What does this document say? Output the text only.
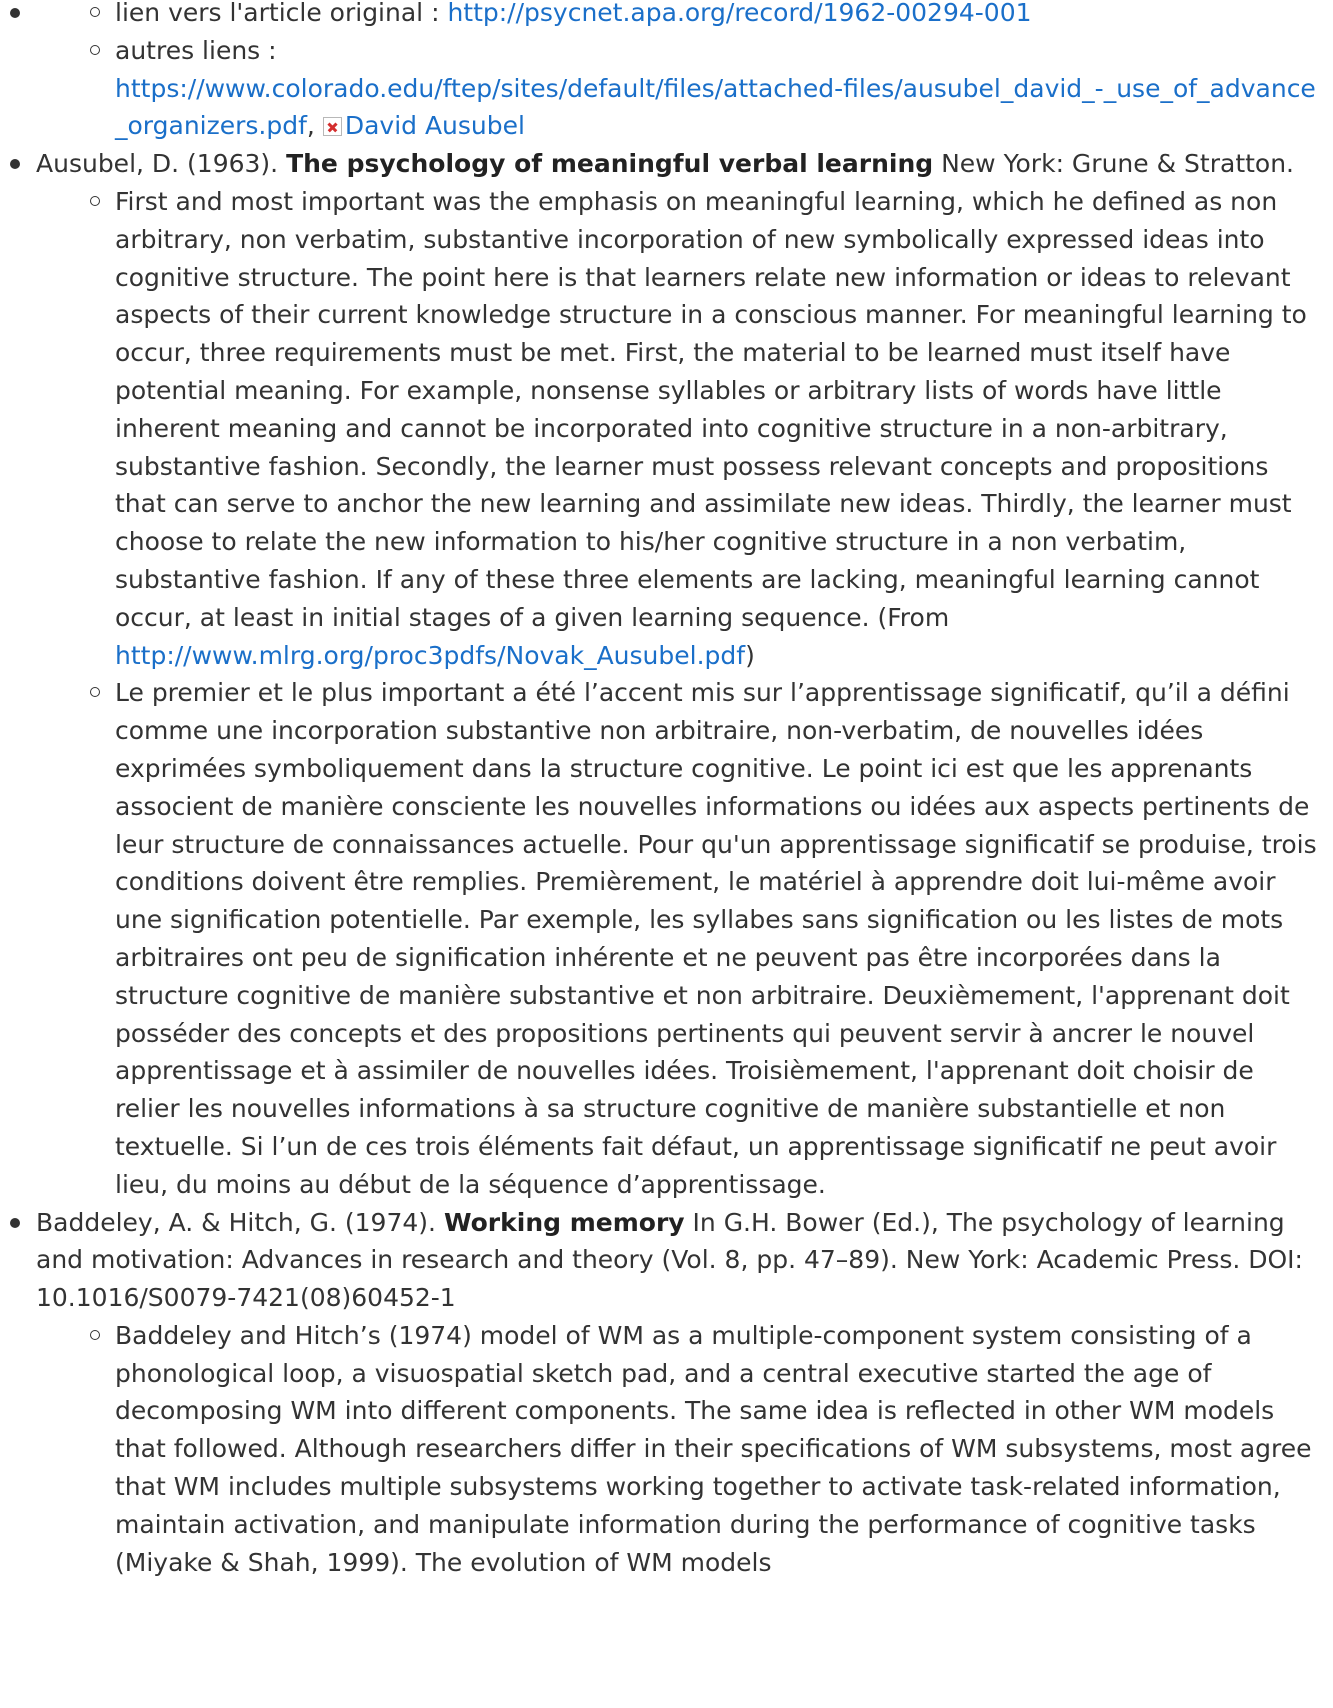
lien vers l'article original : http://psycnet.apa.org/record/1962-00294-001
autres liens :
https://www.colorado.edu/ftep/sites/default/files/attached-files/ausubel_david_-_use_of_advance_organizers.pdf, David Ausubel
Ausubel, D. (1963). The psychology of meaningful verbal learning New York: Grune & Stratton.
First and most important was the emphasis on meaningful learning, which he defined as non arbitrary, non verbatim, substantive incorporation of new symbolically expressed ideas into cognitive structure. The point here is that learners relate new information or ideas to relevant aspects of their current knowledge structure in a conscious manner. For meaningful learning to occur, three requirements must be met. First, the material to be learned must itself have potential meaning. For example, nonsense syllables or arbitrary lists of words have little inherent meaning and cannot be incorporated into cognitive structure in a non-arbitrary, substantive fashion. Secondly, the learner must possess relevant concepts and propositions that can serve to anchor the new learning and assimilate new ideas. Thirdly, the learner must choose to relate the new information to his/her cognitive structure in a non verbatim, substantive fashion. If any of these three elements are lacking, meaningful learning cannot occur, at least in initial stages of a given learning sequence. (From http://www.mlrg.org/proc3pdfs/Novak_Ausubel.pdf)
Le premier et le plus important a été l’accent mis sur l’apprentissage significatif, qu’il a défini comme une incorporation substantive non arbitraire, non-verbatim, de nouvelles idées exprimées symboliquement dans la structure cognitive. Le point ici est que les apprenants associent de manière consciente les nouvelles informations ou idées aux aspects pertinents de leur structure de connaissances actuelle. Pour qu'un apprentissage significatif se produise, trois conditions doivent être remplies. Premièrement, le matériel à apprendre doit lui-même avoir une signification potentielle. Par exemple, les syllabes sans signification ou les listes de mots arbitraires ont peu de signification inhérente et ne peuvent pas être incorporées dans la structure cognitive de manière substantive et non arbitraire. Deuxièmement, l'apprenant doit posséder des concepts et des propositions pertinents qui peuvent servir à ancrer le nouvel apprentissage et à assimiler de nouvelles idées. Troisièmement, l'apprenant doit choisir de relier les nouvelles informations à sa structure cognitive de manière substantielle et non textuelle. Si l’un de ces trois éléments fait défaut, un apprentissage significatif ne peut avoir lieu, du moins au début de la séquence d’apprentissage.
Baddeley, A. & Hitch, G. (1974). Working memory In G.H. Bower (Ed.), The psychology of learning and motivation: Advances in research and theory (Vol. 8, pp. 47–89). New York: Academic Press. DOI: 10.1016/S0079-7421(08)60452-1
Baddeley and Hitch’s (1974) model of WM as a multiple-component system consisting of a phonological loop, a visuospatial sketch pad, and a central executive started the age of decomposing WM into different components. The same idea is reflected in other WM models that followed. Although researchers differ in their specifications of WM subsystems, most agree that WM includes multiple subsystems working together to activate task-related information, maintain activation, and manipulate information during the performance of cognitive tasks (Miyake & Shah, 1999). The evolution of WM models
